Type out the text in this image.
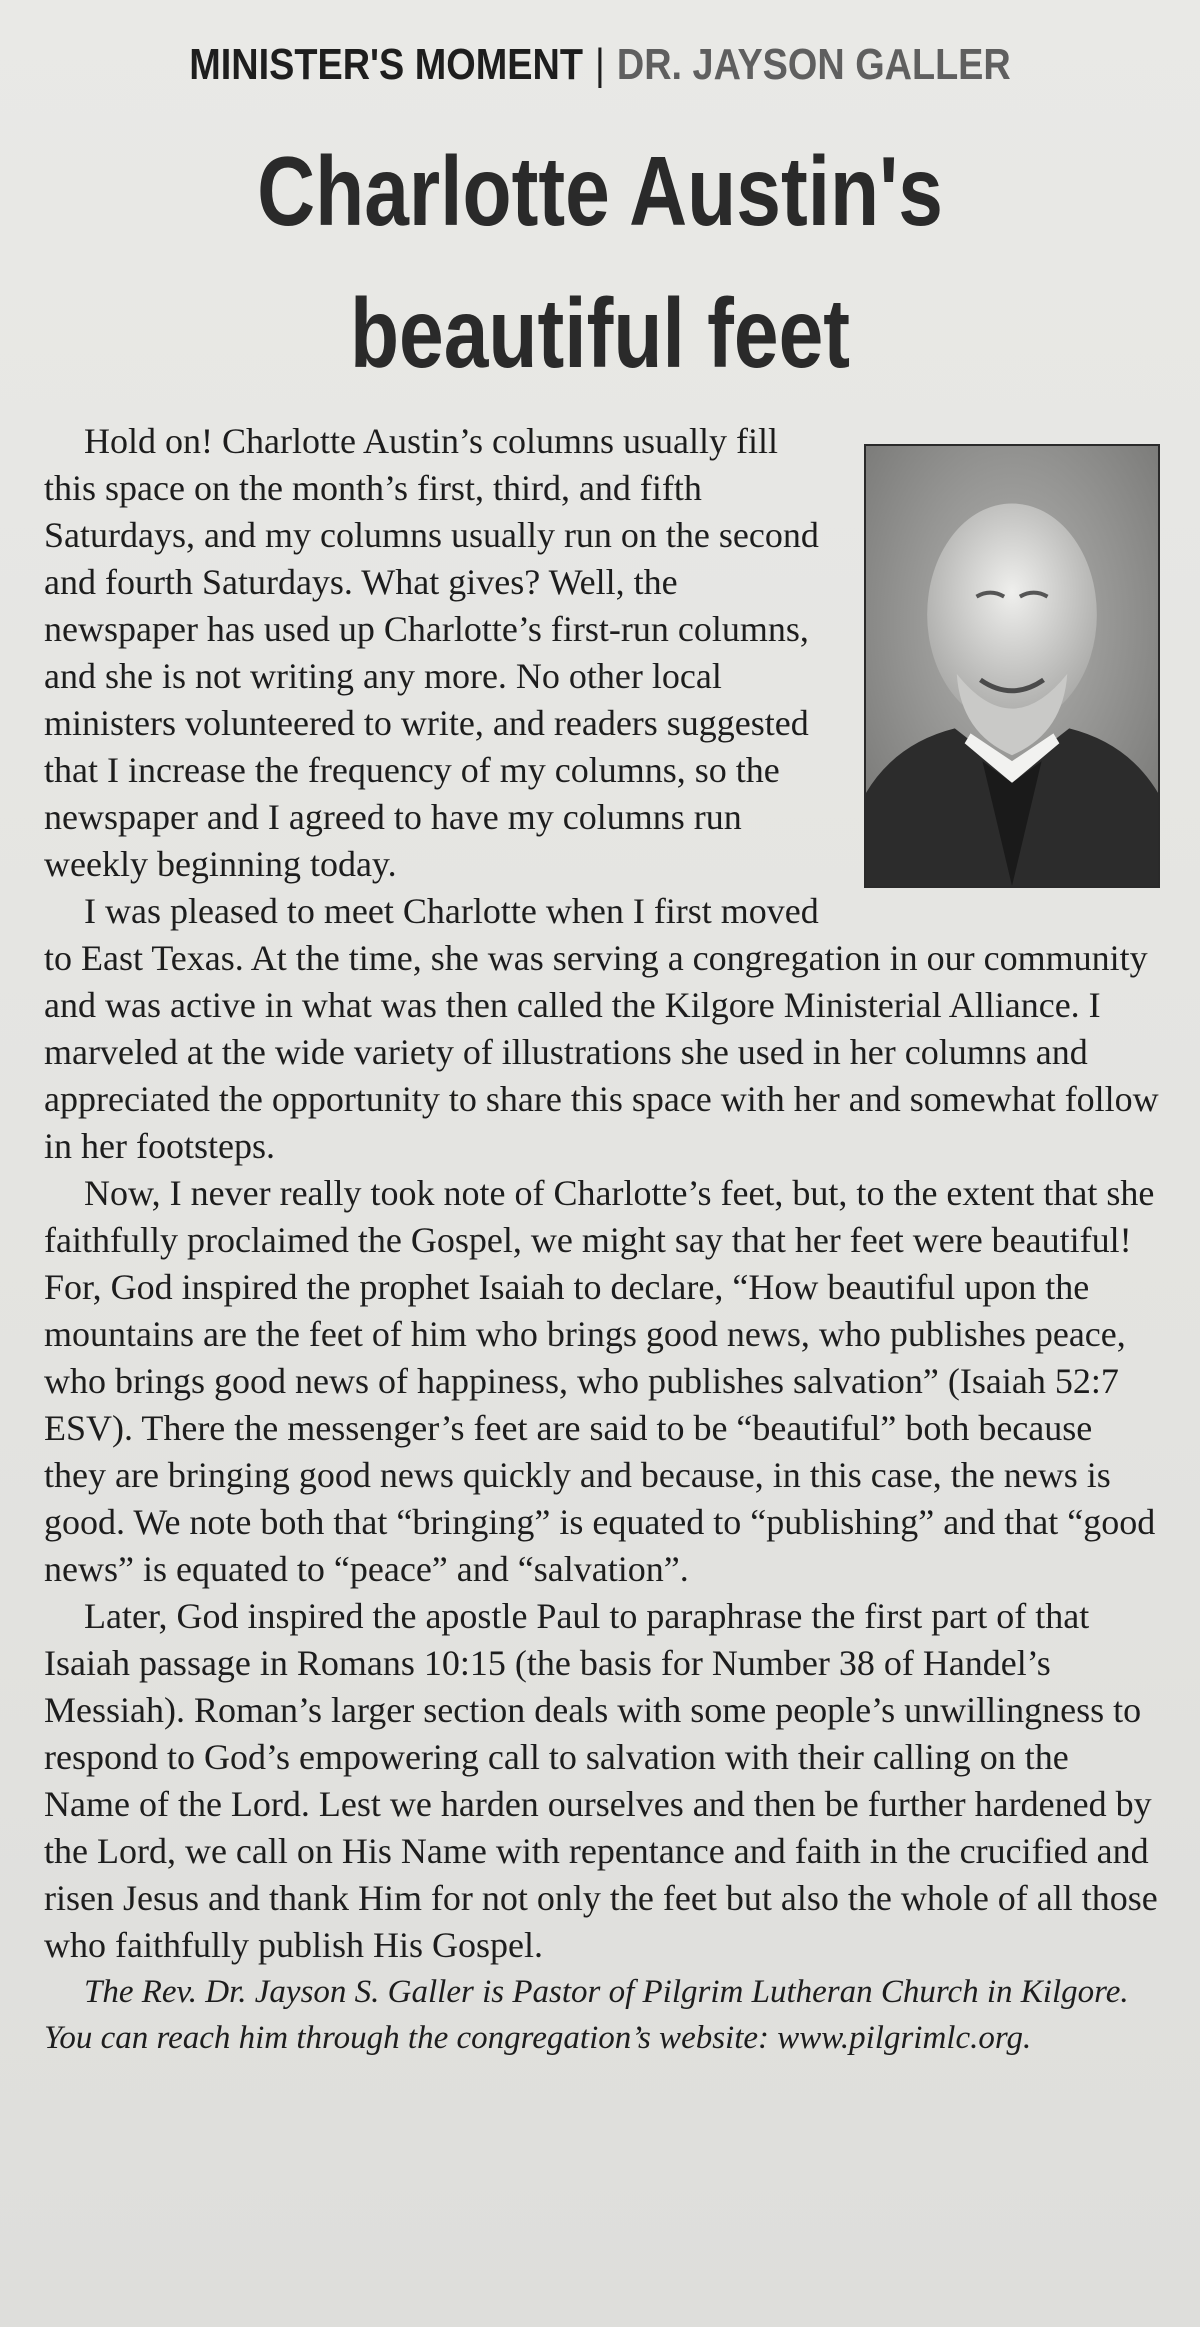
MINISTER'S MOMENT | DR. JAYSON GALLER
Charlotte Austin's
beautiful feet

Hold on! Charlotte Austin’s columns usually fill this space on the month’s first, third, and fifth Saturdays, and my columns usually run on the second and fourth Saturdays. What gives? Well, the newspaper has used up Charlotte’s first-run columns, and she is not writing any more. No other local ministers volunteered to write, and readers suggested that I increase the frequency of my columns, so the newspaper and I agreed to have my columns run weekly beginning today.

I was pleased to meet Charlotte when I first moved to East Texas. At the time, she was serving a congregation in our community and was active in what was then called the Kilgore Ministerial Alliance. I marveled at the wide variety of illustrations she used in her columns and appreciated the opportunity to share this space with her and somewhat follow in her footsteps.

Now, I never really took note of Charlotte’s feet, but, to the extent that she faithfully proclaimed the Gospel, we might say that her feet were beautiful! For, God inspired the prophet Isaiah to declare, “How beautiful upon the mountains are the feet of him who brings good news, who publishes peace, who brings good news of happiness, who publishes salvation” (Isaiah 52:7 ESV). There the messenger’s feet are said to be “beautiful” both because they are bringing good news quickly and because, in this case, the news is good. We note both that “bringing” is equated to “publishing” and that “good news” is equated to “peace” and “salvation”.

Later, God inspired the apostle Paul to paraphrase the first part of that Isaiah passage in Romans 10:15 (the basis for Number 38 of Handel’s Messiah). Roman’s larger section deals with some people’s unwillingness to respond to God’s empowering call to salvation with their calling on the Name of the Lord. Lest we harden ourselves and then be further hardened by the Lord, we call on His Name with repentance and faith in the crucified and risen Jesus and thank Him for not only the feet but also the whole of all those who faithfully publish His Gospel.

The Rev. Dr. Jayson S. Galler is Pastor of Pilgrim Lutheran Church in Kilgore. You can reach him through the congregation’s website: www.pilgrimlc.org.
